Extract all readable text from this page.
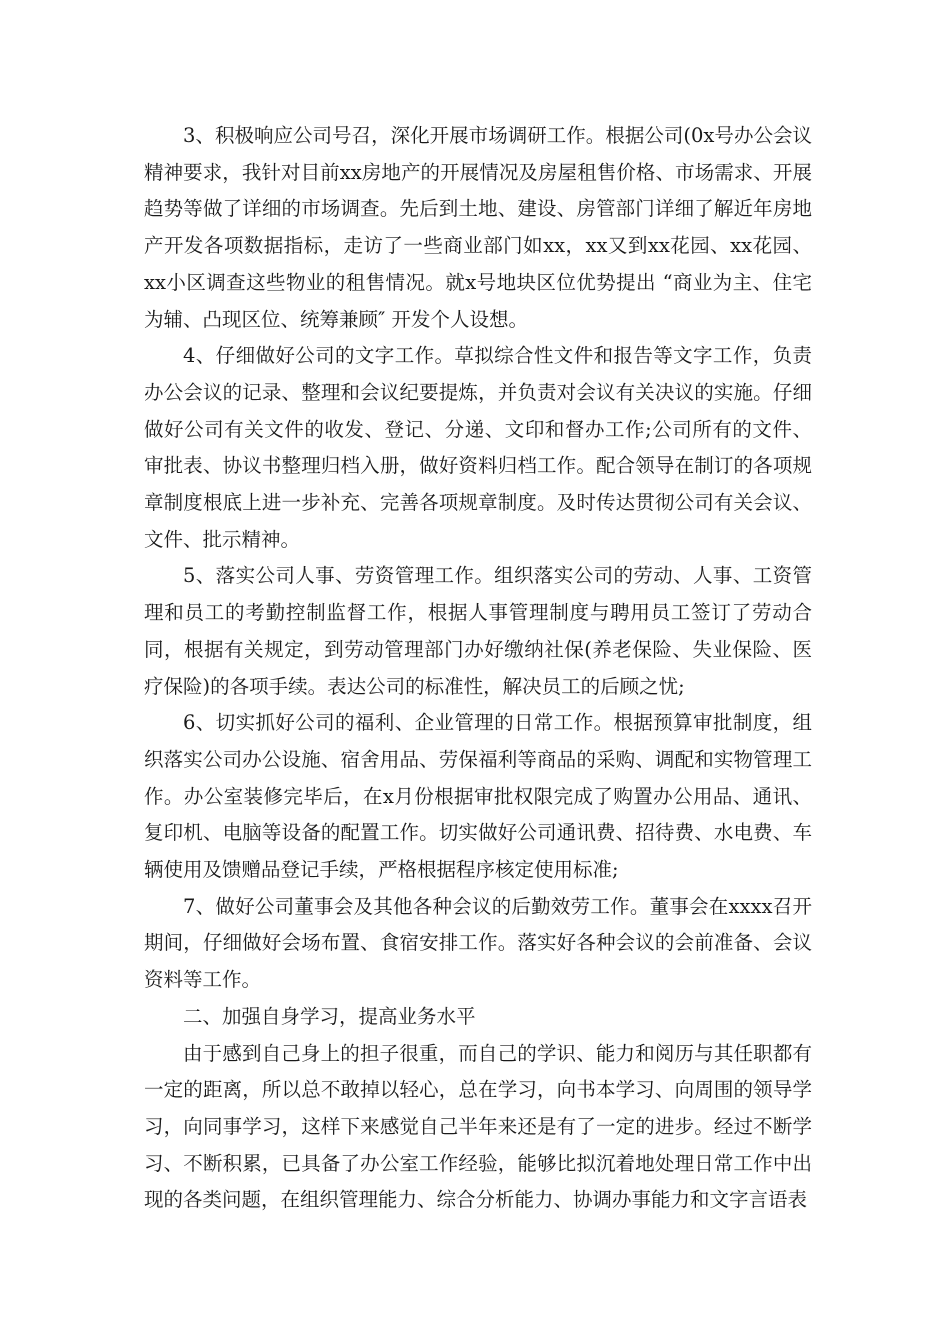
3、积极响应公司号召，深化开展市场调研工作。根据公司(0x号办公会议精神要求，我针对目前xx房地产的开展情况及房屋租售价格、市场需求、开展趋势等做了详细的市场调查。先后到土地、建设、房管部门详细了解近年房地产开发各项数据指标，走访了一些商业部门如xx，xx又到xx花园、xx花园、xx小区调查这些物业的租售情况。就x号地块区位优势提出 “商业为主、住宅为辅、凸现区位、统筹兼顾″ 开发个人设想。

4、仔细做好公司的文字工作。草拟综合性文件和报告等文字工作，负责办公会议的记录、整理和会议纪要提炼，并负责对会议有关决议的实施。仔细做好公司有关文件的收发、登记、分递、文印和督办工作;公司所有的文件、审批表、协议书整理归档入册，做好资料归档工作。配合领导在制订的各项规章制度根底上进一步补充、完善各项规章制度。及时传达贯彻公司有关会议、文件、批示精神。

5、落实公司人事、劳资管理工作。组织落实公司的劳动、人事、工资管理和员工的考勤控制监督工作，根据人事管理制度与聘用员工签订了劳动合同，根据有关规定，到劳动管理部门办好缴纳社保(养老保险、失业保险、医疗保险)的各项手续。表达公司的标准性，解决员工的后顾之忧;

6、切实抓好公司的福利、企业管理的日常工作。根据预算审批制度，组织落实公司办公设施、宿舍用品、劳保福利等商品的采购、调配和实物管理工作。办公室装修完毕后，在x月份根据审批权限完成了购置办公用品、通讯、复印机、电脑等设备的配置工作。切实做好公司通讯费、招待费、水电费、车辆使用及馈赠品登记手续，严格根据程序核定使用标准;

7、做好公司董事会及其他各种会议的后勤效劳工作。董事会在xxxx召开期间，仔细做好会场布置、食宿安排工作。落实好各种会议的会前准备、会议资料等工作。

二、加强自身学习，提高业务水平

由于感到自己身上的担子很重，而自己的学识、能力和阅历与其任职都有一定的距离，所以总不敢掉以轻心，总在学习，向书本学习、向周围的领导学习，向同事学习，这样下来感觉自己半年来还是有了一定的进步。经过不断学习、不断积累，已具备了办公室工作经验，能够比拟沉着地处理日常工作中出现的各类问题，在组织管理能力、综合分析能力、协调办事能力和文字言语表
